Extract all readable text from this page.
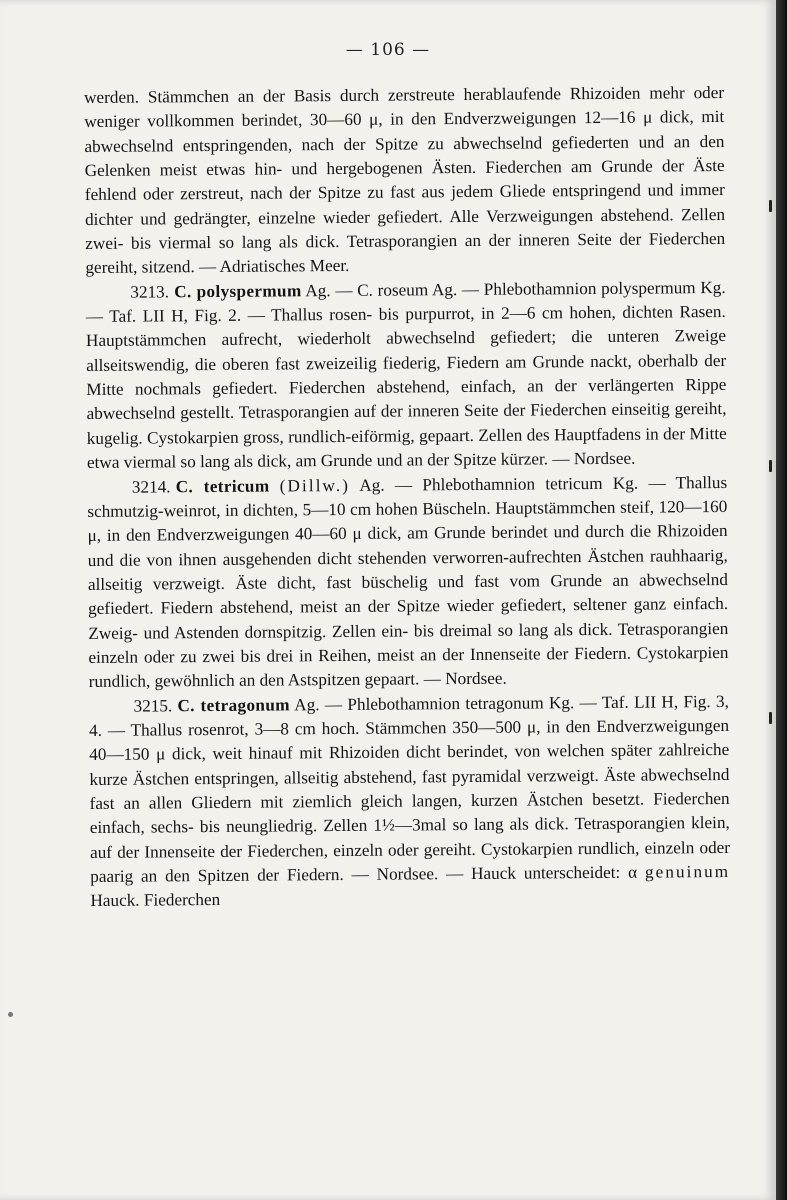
— 106 —

werden. Stämmchen an der Basis durch zerstreute herablaufende Rhizoiden mehr oder weniger vollkommen berindet, 30—60 μ, in den Endverzweigungen 12—16 μ dick, mit abwechselnd entspringenden, nach der Spitze zu abwechselnd gefiederten und an den Gelenken meist etwas hin- und hergebogenen Ästen. Fiederchen am Grunde der Äste fehlend oder zerstreut, nach der Spitze zu fast aus jedem Gliede entspringend und immer dichter und gedrängter, einzelne wieder gefiedert. Alle Verzweigungen abstehend. Zellen zwei- bis viermal so lang als dick. Tetrasporangien an der inneren Seite der Fiederchen gereiht, sitzend. — Adriatisches Meer.

3213. C. polyspermum Ag. — C. roseum Ag. — Phlebothamnion polyspermum Kg. — Taf. LII H, Fig. 2. — Thallus rosen- bis purpurrot, in 2—6 cm hohen, dichten Rasen. Hauptstämmchen aufrecht, wiederholt abwechselnd gefiedert; die unteren Zweige allseitswendig, die oberen fast zweizeilig fiederig, Fiedern am Grunde nackt, oberhalb der Mitte nochmals gefiedert. Fiederchen abstehend, einfach, an der verlängerten Rippe abwechselnd gestellt. Tetrasporangien auf der inneren Seite der Fiederchen einseitig gereiht, kugelig. Cystokarpien gross, rundlich-eiförmig, gepaart. Zellen des Hauptfadens in der Mitte etwa viermal so lang als dick, am Grunde und an der Spitze kürzer. — Nordsee.

3214. C. tetricum (Dillw.) Ag. — Phlebothamnion tetricum Kg. — Thallus schmutzig-weinrot, in dichten, 5—10 cm hohen Büscheln. Hauptstämmchen steif, 120—160 μ, in den Endverzweigungen 40—60 μ dick, am Grunde berindet und durch die Rhizoiden und die von ihnen ausgehenden dicht stehenden verworren-aufrechten Ästchen rauhhaarig, allseitig verzweigt. Äste dicht, fast büschelig und fast vom Grunde an abwechselnd gefiedert. Fiedern abstehend, meist an der Spitze wieder gefiedert, seltener ganz einfach. Zweig- und Astenden dornspitzig. Zellen ein- bis dreimal so lang als dick. Tetrasporangien einzeln oder zu zwei bis drei in Reihen, meist an der Innenseite der Fiedern. Cystokarpien rundlich, gewöhnlich an den Astspitzen gepaart. — Nordsee.

3215. C. tetragonum Ag. — Phlebothamnion tetragonum Kg. — Taf. LII H, Fig. 3, 4. — Thallus rosenrot, 3—8 cm hoch. Stämmchen 350—500 μ, in den Endverzweigungen 40—150 μ dick, weit hinauf mit Rhizoiden dicht berindet, von welchen später zahlreiche kurze Ästchen entspringen, allseitig abstehend, fast pyramidal verzweigt. Äste abwechselnd fast an allen Gliedern mit ziemlich gleich langen, kurzen Ästchen besetzt. Fiederchen einfach, sechs- bis neungliedrig. Zellen 1½—3mal so lang als dick. Tetrasporangien klein, auf der Innenseite der Fiederchen, einzeln oder gereiht. Cystokarpien rundlich, einzeln oder paarig an den Spitzen der Fiedern. — Nordsee. — Hauck unterscheidet: α genuinum Hauck. Fiederchen
